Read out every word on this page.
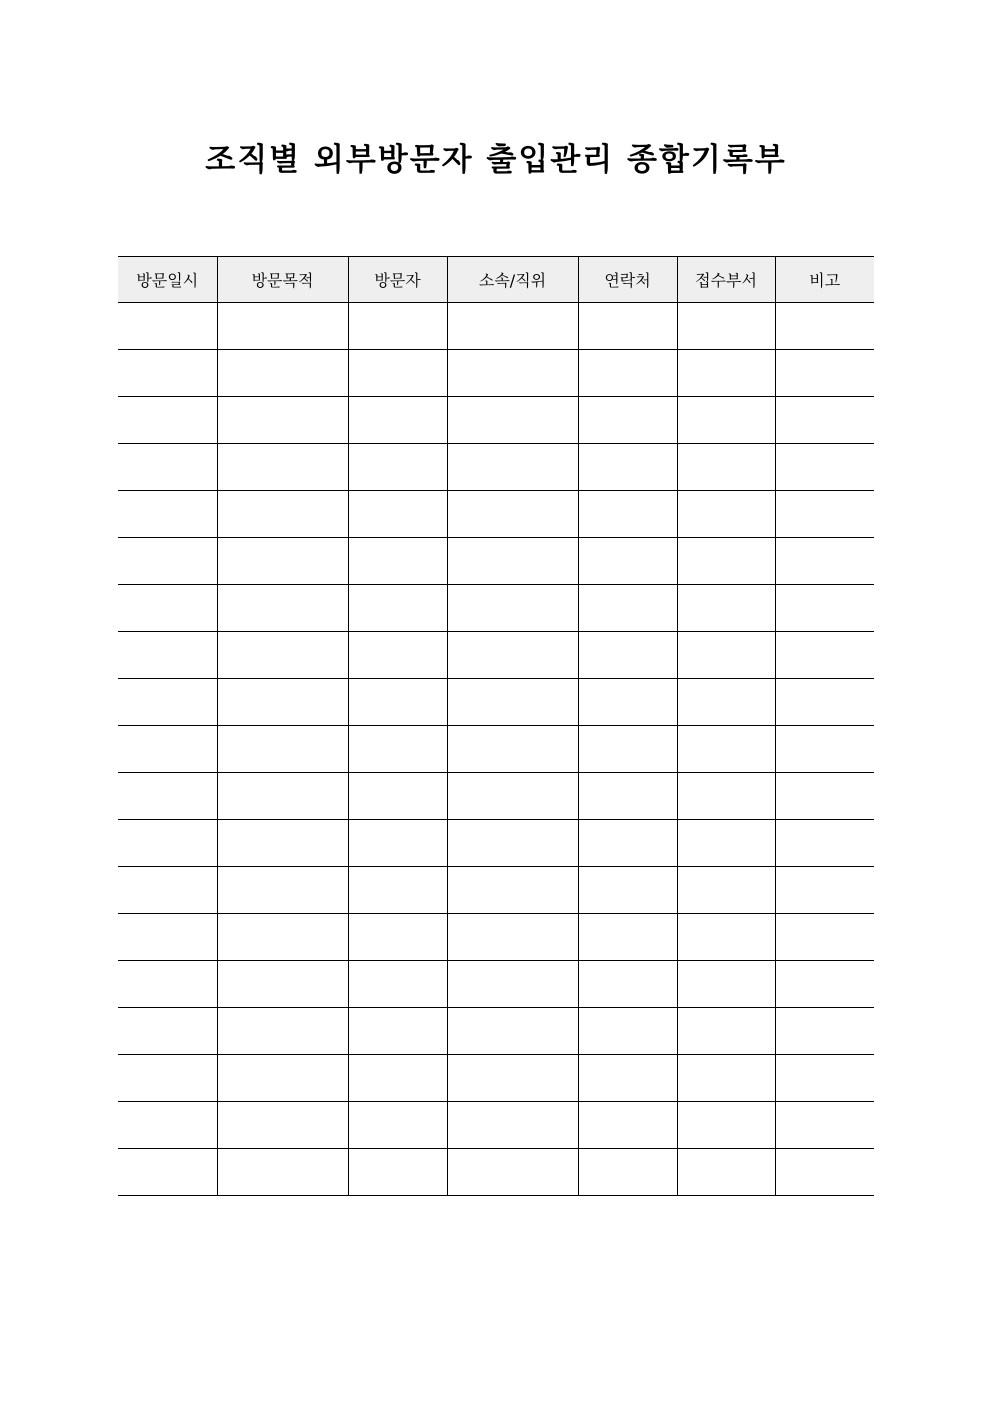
조직별 외부방문자 출입관리 종합기록부
방문일시	방문목적	방문자	소속/직위	연락처	접수부서	비고
